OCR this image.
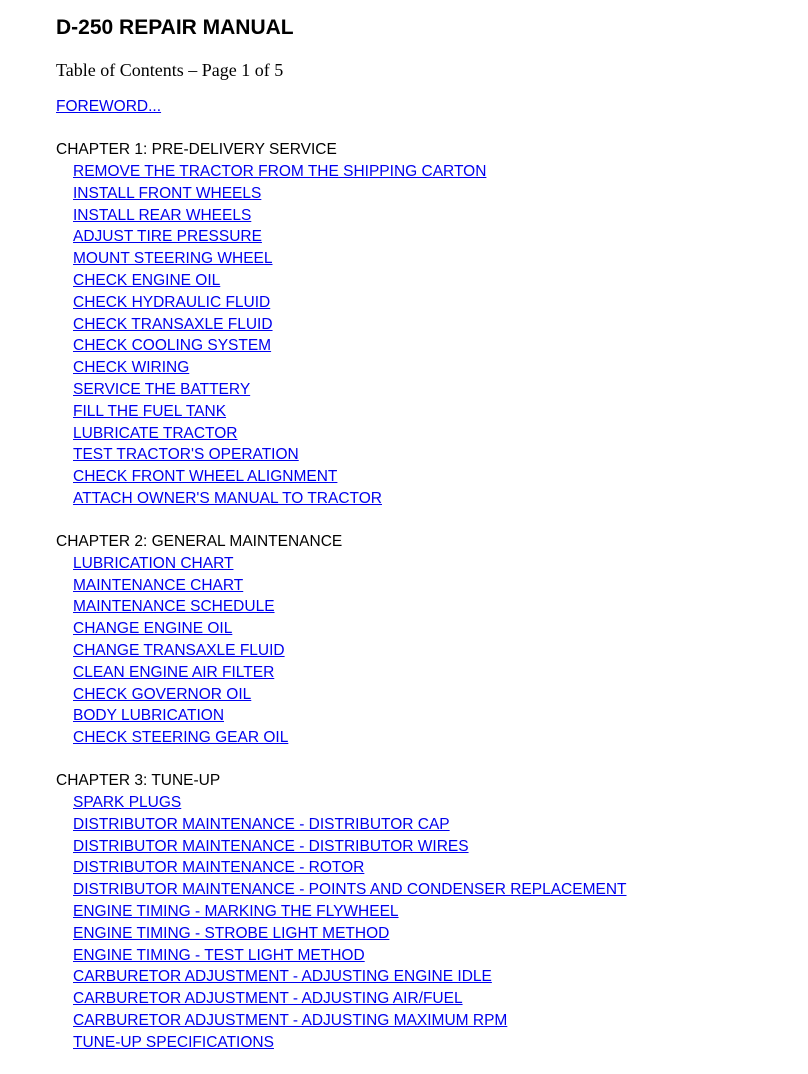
D-250 REPAIR MANUAL
Table of Contents – Page 1 of 5
FOREWORD...
CHAPTER 1: PRE-DELIVERY SERVICE
REMOVE THE TRACTOR FROM THE SHIPPING CARTON
INSTALL FRONT WHEELS
INSTALL REAR WHEELS
ADJUST TIRE PRESSURE
MOUNT STEERING WHEEL
CHECK ENGINE OIL
CHECK HYDRAULIC FLUID
CHECK TRANSAXLE FLUID
CHECK COOLING SYSTEM
CHECK WIRING
SERVICE THE BATTERY
FILL THE FUEL TANK
LUBRICATE TRACTOR
TEST TRACTOR'S OPERATION
CHECK FRONT WHEEL ALIGNMENT
ATTACH OWNER'S MANUAL TO TRACTOR
CHAPTER 2: GENERAL MAINTENANCE
LUBRICATION CHART
MAINTENANCE CHART
MAINTENANCE SCHEDULE
CHANGE ENGINE OIL
CHANGE TRANSAXLE FLUID
CLEAN ENGINE AIR FILTER
CHECK GOVERNOR OIL
BODY LUBRICATION
CHECK STEERING GEAR OIL
CHAPTER 3: TUNE-UP
SPARK PLUGS
DISTRIBUTOR MAINTENANCE - DISTRIBUTOR CAP
DISTRIBUTOR MAINTENANCE - DISTRIBUTOR WIRES
DISTRIBUTOR MAINTENANCE - ROTOR
DISTRIBUTOR MAINTENANCE - POINTS AND CONDENSER REPLACEMENT
ENGINE TIMING - MARKING THE FLYWHEEL
ENGINE TIMING - STROBE LIGHT METHOD
ENGINE TIMING - TEST LIGHT METHOD
CARBURETOR ADJUSTMENT - ADJUSTING ENGINE IDLE
CARBURETOR ADJUSTMENT - ADJUSTING AIR/FUEL
CARBURETOR ADJUSTMENT - ADJUSTING MAXIMUM RPM
TUNE-UP SPECIFICATIONS
